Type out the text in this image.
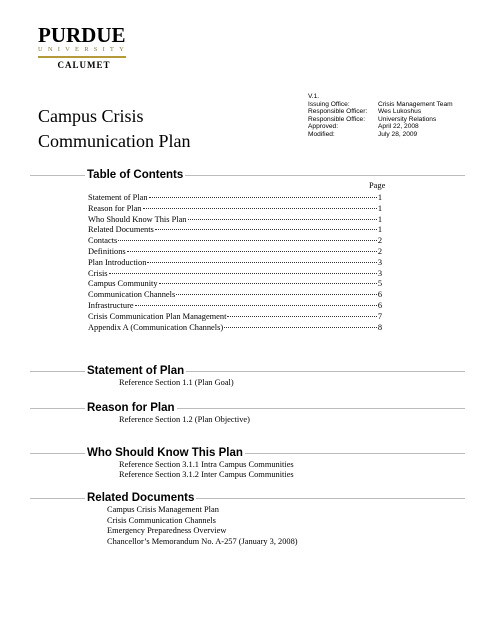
PURDUE
UNIVERSITY
CALUMET
Campus Crisis
Communication Plan
V.1.
Issuing Office:	Crisis Management Team
Responsible Officer:	Wes Lukoshus
Responsible Office:	University Relations
Approved:	April 22, 2008
Modified:	July 28, 2009
Table of Contents
Page
Statement of Plan	1
Reason for Plan	1
Who Should Know This Plan	1
Related Documents	1
Contacts	2
Definitions	2
Plan Introduction	3
Crisis	3
Campus Community	5
Communication Channels	6
Infrastructure	6
Crisis Communication Plan Management	7
Appendix A (Communication Channels)	8
Statement of Plan
Reference Section 1.1 (Plan Goal)
Reason for Plan
Reference Section 1.2 (Plan Objective)
Who Should Know This Plan
Reference Section 3.1.1 Intra Campus Communities
Reference Section 3.1.2 Inter Campus Communities
Related Documents
Campus Crisis Management Plan
Crisis Communication Channels
Emergency Preparedness Overview
Chancellor’s Memorandum No. A-257 (January 3, 2008)
